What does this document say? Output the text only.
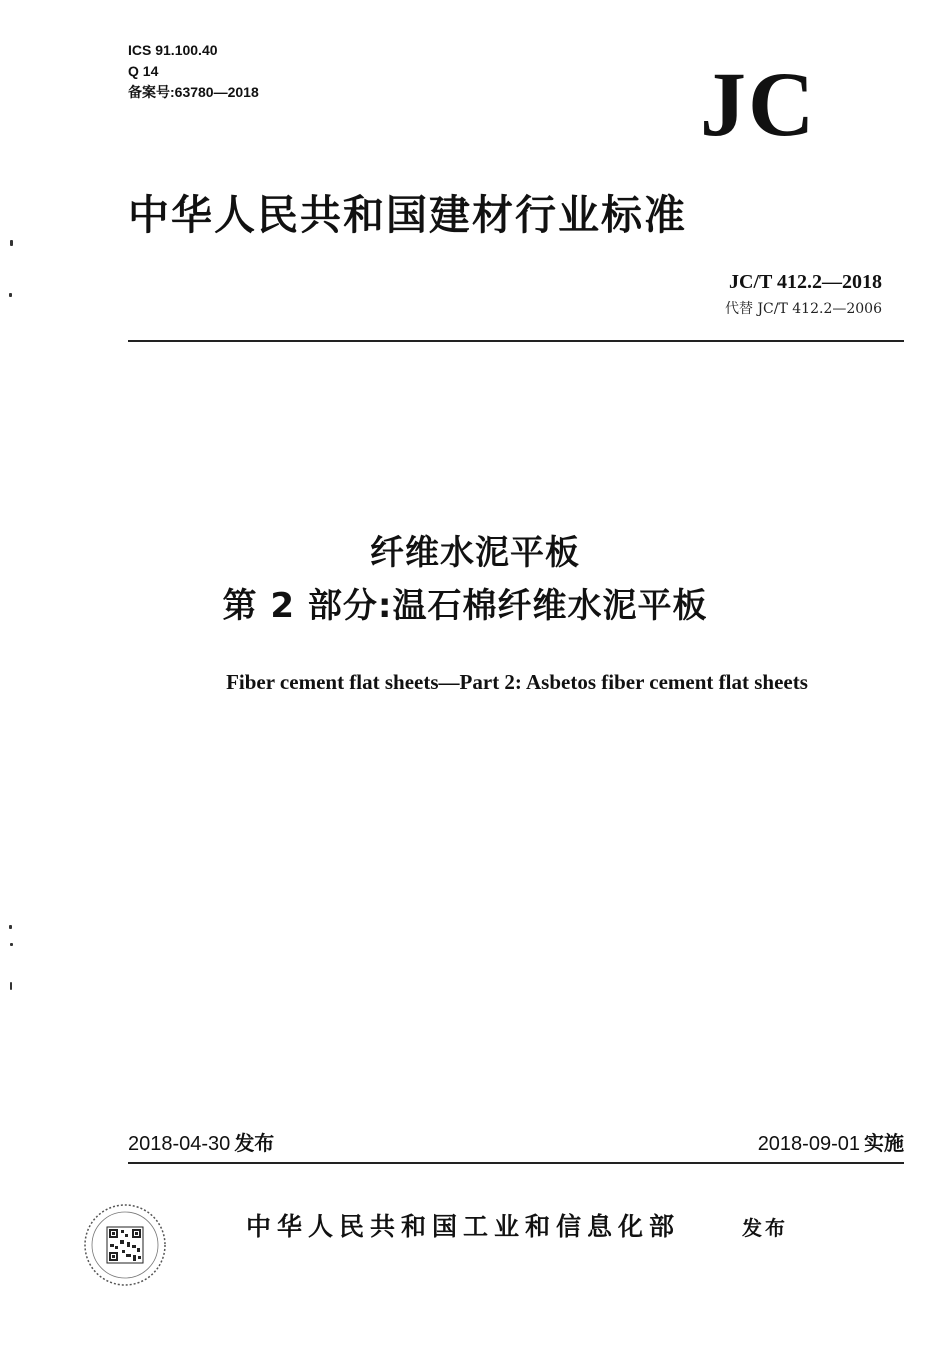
ICS 91.100.40
Q 14
备案号:63780—2018	JC
中华人民共和国建材行业标准
JC/T 412.2—2018
代替 JC/T 412.2—2006
纤维水泥平板
第 2 部分:温石棉纤维水泥平板
Fiber cement flat sheets—Part 2: Asbetos fiber cement flat sheets
2018-04-30 发布	2018-09-01 实施
中华人民共和国工业和信息化部	发布
